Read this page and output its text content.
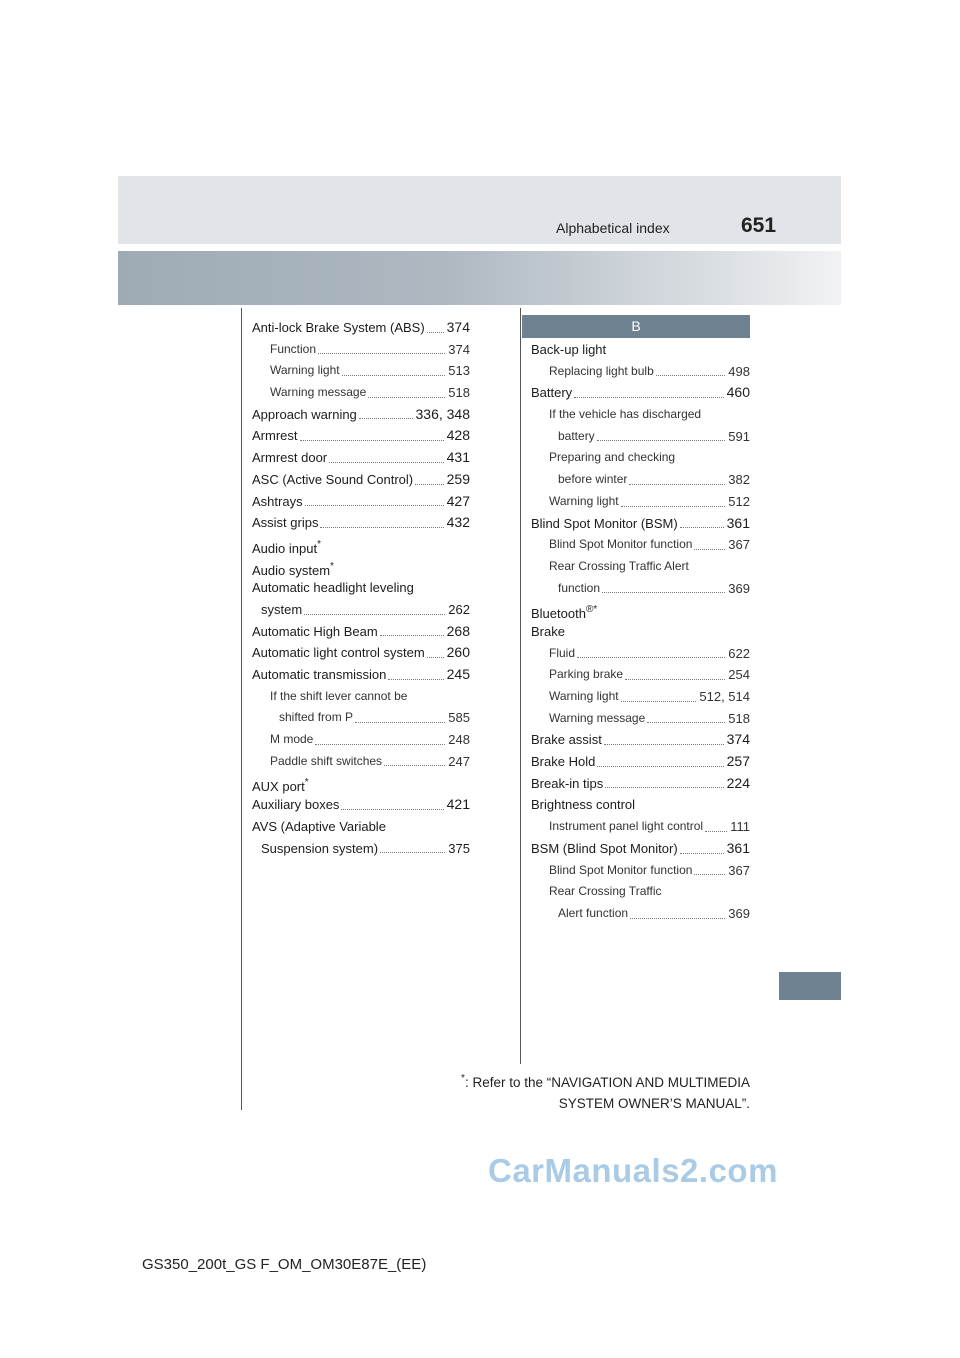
Alphabetical index	651
Anti-lock Brake System (ABS) 374
Function	374
Warning light	513
Warning message	518
Approach warning	336, 348
Armrest	428
Armrest door	431
ASC (Active Sound Control) 259
Ashtrays	427
Assist grips	432
Audio input*
Audio system*
Automatic headlight leveling
system	262
Automatic High Beam	268
Automatic light control system 260
Automatic transmission	245
If the shift lever cannot be
shifted from P	585
M mode	248
Paddle shift switches	247
AUX port*
Auxiliary boxes	421
AVS (Adaptive Variable
Suspension system)	375
B
Back-up light
Replacing light bulb	498
Battery	460
If the vehicle has discharged
battery	591
Preparing and checking
before winter	382
Warning light	512
Blind Spot Monitor (BSM)	361
Blind Spot Monitor function	367
Rear Crossing Traffic Alert
function	369
Bluetooth®*
Brake
Fluid	622
Parking brake	254
Warning light	512, 514
Warning message	518
Brake assist	374
Brake Hold	257
Break-in tips	224
Brightness control
Instrument panel light control 111
BSM (Blind Spot Monitor)	361
Blind Spot Monitor function	367
Rear Crossing Traffic
Alert function	369
*: Refer to the “NAVIGATION AND MULTIMEDIA
SYSTEM OWNER’S MANUAL”.
CarManuals2.com
GS350_200t_GS F_OM_OM30E87E_(EE)
